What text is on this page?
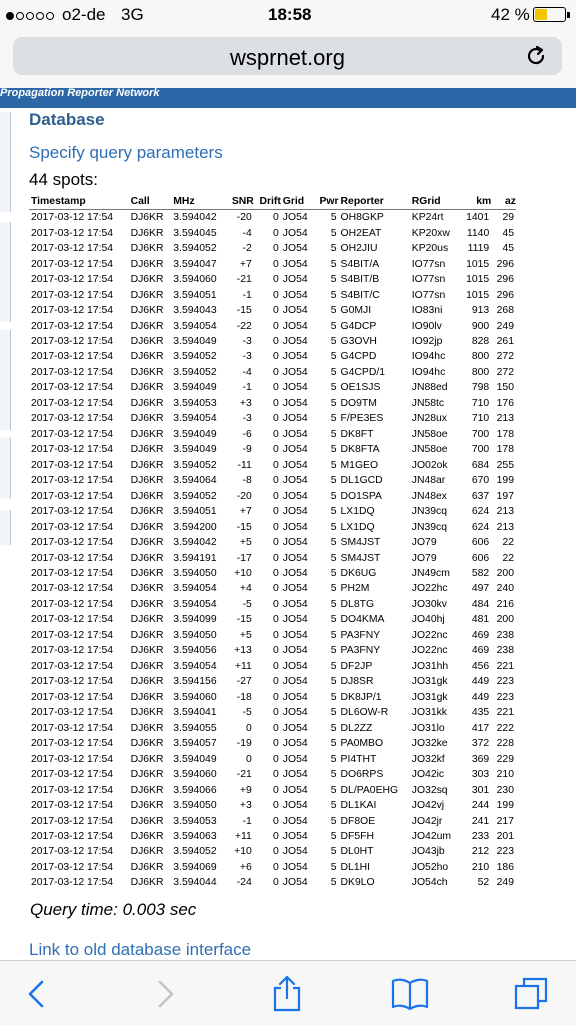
o2-de 3G	18:58	42 %
wsprnet.org
Propagation Reporter Network
Database
Specify query parameters
44 spots:
Timestamp	Call	MHz	SNR	Drift	Grid	Pwr	Reporter	RGrid	km	az
2017-03-12 17:54	DJ6KR	3.594042	-20	0	JO54	5	OH8GKP	KP24rt	1401	29
2017-03-12 17:54	DJ6KR	3.594045	-4	0	JO54	5	OH2EAT	KP20xw	1140	45
2017-03-12 17:54	DJ6KR	3.594052	-2	0	JO54	5	OH2JIU	KP20us	1119	45
2017-03-12 17:54	DJ6KR	3.594047	+7	0	JO54	5	S4BIT/A	IO77sn	1015	296
2017-03-12 17:54	DJ6KR	3.594060	-21	0	JO54	5	S4BIT/B	IO77sn	1015	296
2017-03-12 17:54	DJ6KR	3.594051	-1	0	JO54	5	S4BIT/C	IO77sn	1015	296
2017-03-12 17:54	DJ6KR	3.594043	-15	0	JO54	5	G0MJI	IO83ni	913	268
2017-03-12 17:54	DJ6KR	3.594054	-22	0	JO54	5	G4DCP	IO90lv	900	249
2017-03-12 17:54	DJ6KR	3.594049	-3	0	JO54	5	G3OVH	IO92jp	828	261
2017-03-12 17:54	DJ6KR	3.594052	-3	0	JO54	5	G4CPD	IO94hc	800	272
2017-03-12 17:54	DJ6KR	3.594052	-4	0	JO54	5	G4CPD/1	IO94hc	800	272
2017-03-12 17:54	DJ6KR	3.594049	-1	0	JO54	5	OE1SJS	JN88ed	798	150
2017-03-12 17:54	DJ6KR	3.594053	+3	0	JO54	5	DO9TM	JN58tc	710	176
2017-03-12 17:54	DJ6KR	3.594054	-3	0	JO54	5	F/PE3ES	JN28ux	710	213
2017-03-12 17:54	DJ6KR	3.594049	-6	0	JO54	5	DK8FT	JN58oe	700	178
2017-03-12 17:54	DJ6KR	3.594049	-9	0	JO54	5	DK8FTA	JN58oe	700	178
2017-03-12 17:54	DJ6KR	3.594052	-11	0	JO54	5	M1GEO	JO02ok	684	255
2017-03-12 17:54	DJ6KR	3.594064	-8	0	JO54	5	DL1GCD	JN48ar	670	199
2017-03-12 17:54	DJ6KR	3.594052	-20	0	JO54	5	DO1SPA	JN48ex	637	197
2017-03-12 17:54	DJ6KR	3.594051	+7	0	JO54	5	LX1DQ	JN39cq	624	213
2017-03-12 17:54	DJ6KR	3.594200	-15	0	JO54	5	LX1DQ	JN39cq	624	213
2017-03-12 17:54	DJ6KR	3.594042	+5	0	JO54	5	SM4JST	JO79	606	22
2017-03-12 17:54	DJ6KR	3.594191	-17	0	JO54	5	SM4JST	JO79	606	22
2017-03-12 17:54	DJ6KR	3.594050	+10	0	JO54	5	DK6UG	JN49cm	582	200
2017-03-12 17:54	DJ6KR	3.594054	+4	0	JO54	5	PH2M	JO22hc	497	240
2017-03-12 17:54	DJ6KR	3.594054	-5	0	JO54	5	DL8TG	JO30kv	484	216
2017-03-12 17:54	DJ6KR	3.594099	-15	0	JO54	5	DO4KMA	JO40hj	481	200
2017-03-12 17:54	DJ6KR	3.594050	+5	0	JO54	5	PA3FNY	JO22nc	469	238
2017-03-12 17:54	DJ6KR	3.594056	+13	0	JO54	5	PA3FNY	JO22nc	469	238
2017-03-12 17:54	DJ6KR	3.594054	+11	0	JO54	5	DF2JP	JO31hh	456	221
2017-03-12 17:54	DJ6KR	3.594156	-27	0	JO54	5	DJ8SR	JO31gk	449	223
2017-03-12 17:54	DJ6KR	3.594060	-18	0	JO54	5	DK8JP/1	JO31gk	449	223
2017-03-12 17:54	DJ6KR	3.594041	-5	0	JO54	5	DL6OW-R	JO31kk	435	221
2017-03-12 17:54	DJ6KR	3.594055	0	0	JO54	5	DL2ZZ	JO31lo	417	222
2017-03-12 17:54	DJ6KR	3.594057	-19	0	JO54	5	PA0MBO	JO32ke	372	228
2017-03-12 17:54	DJ6KR	3.594049	0	0	JO54	5	PI4THT	JO32kf	369	229
2017-03-12 17:54	DJ6KR	3.594060	-21	0	JO54	5	DO6RPS	JO42ic	303	210
2017-03-12 17:54	DJ6KR	3.594066	+9	0	JO54	5	DL/PA0EHG	JO32sq	301	230
2017-03-12 17:54	DJ6KR	3.594050	+3	0	JO54	5	DL1KAI	JO42vj	244	199
2017-03-12 17:54	DJ6KR	3.594053	-1	0	JO54	5	DF8OE	JO42jr	241	217
2017-03-12 17:54	DJ6KR	3.594063	+11	0	JO54	5	DF5FH	JO42um	233	201
2017-03-12 17:54	DJ6KR	3.594052	+10	0	JO54	5	DL0HT	JO43jb	212	223
2017-03-12 17:54	DJ6KR	3.594069	+6	0	JO54	5	DL1HI	JO52ho	210	186
2017-03-12 17:54	DJ6KR	3.594044	-24	0	JO54	5	DK9LO	JO54ch	52	249
Query time: 0.003 sec
Link to old database interface
